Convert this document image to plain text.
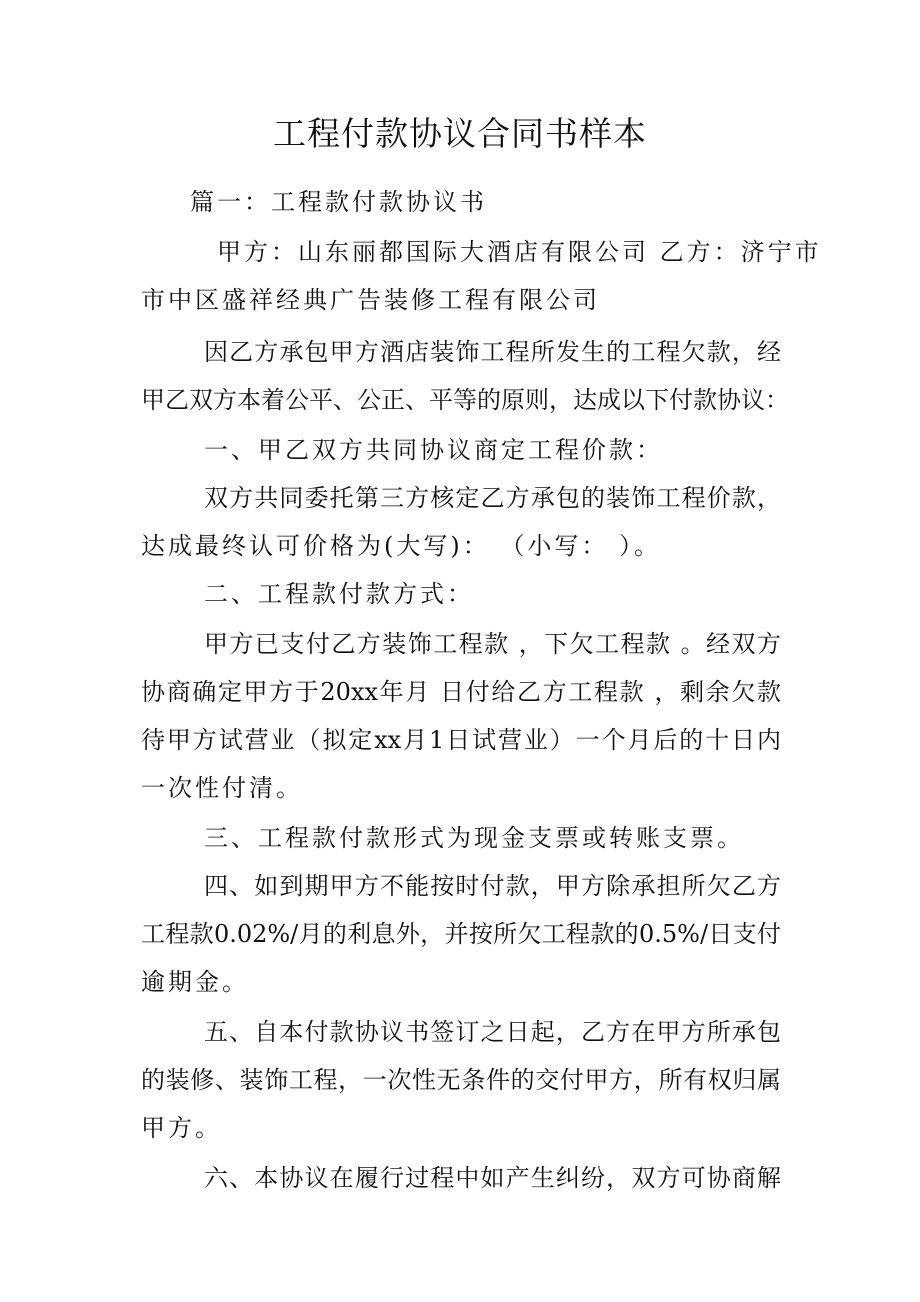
工程付款协议合同书样本

篇一：工程款付款协议书

甲方：山东丽都国际大酒店有限公司 乙方：济宁市

市中区盛祥经典广告装修工程有限公司

因乙方承包甲方酒店装饰工程所发生的工程欠款，经

甲乙双方本着公平、公正、平等的原则，达成以下付款协议：

一、甲乙双方共同协议商定工程价款：

双方共同委托第三方核定乙方承包的装饰工程价款，

达成最终认可价格为(大写)： （小写： ）。

二、工程款付款方式：

甲方已支付乙方装饰工程款 ，下欠工程款 。经双方

协商确定甲方于20xx年月 日付给乙方工程款 ，剩余欠款

待甲方试营业（拟定xx月1日试营业）一个月后的十日内

一次性付清。

三、工程款付款形式为现金支票或转账支票。

四、如到期甲方不能按时付款，甲方除承担所欠乙方

工程款0.02%/月的利息外，并按所欠工程款的0.5%/日支付

逾期金。

五、自本付款协议书签订之日起，乙方在甲方所承包

的装修、装饰工程，一次性无条件的交付甲方，所有权归属

甲方。

六、本协议在履行过程中如产生纠纷，双方可协商解
